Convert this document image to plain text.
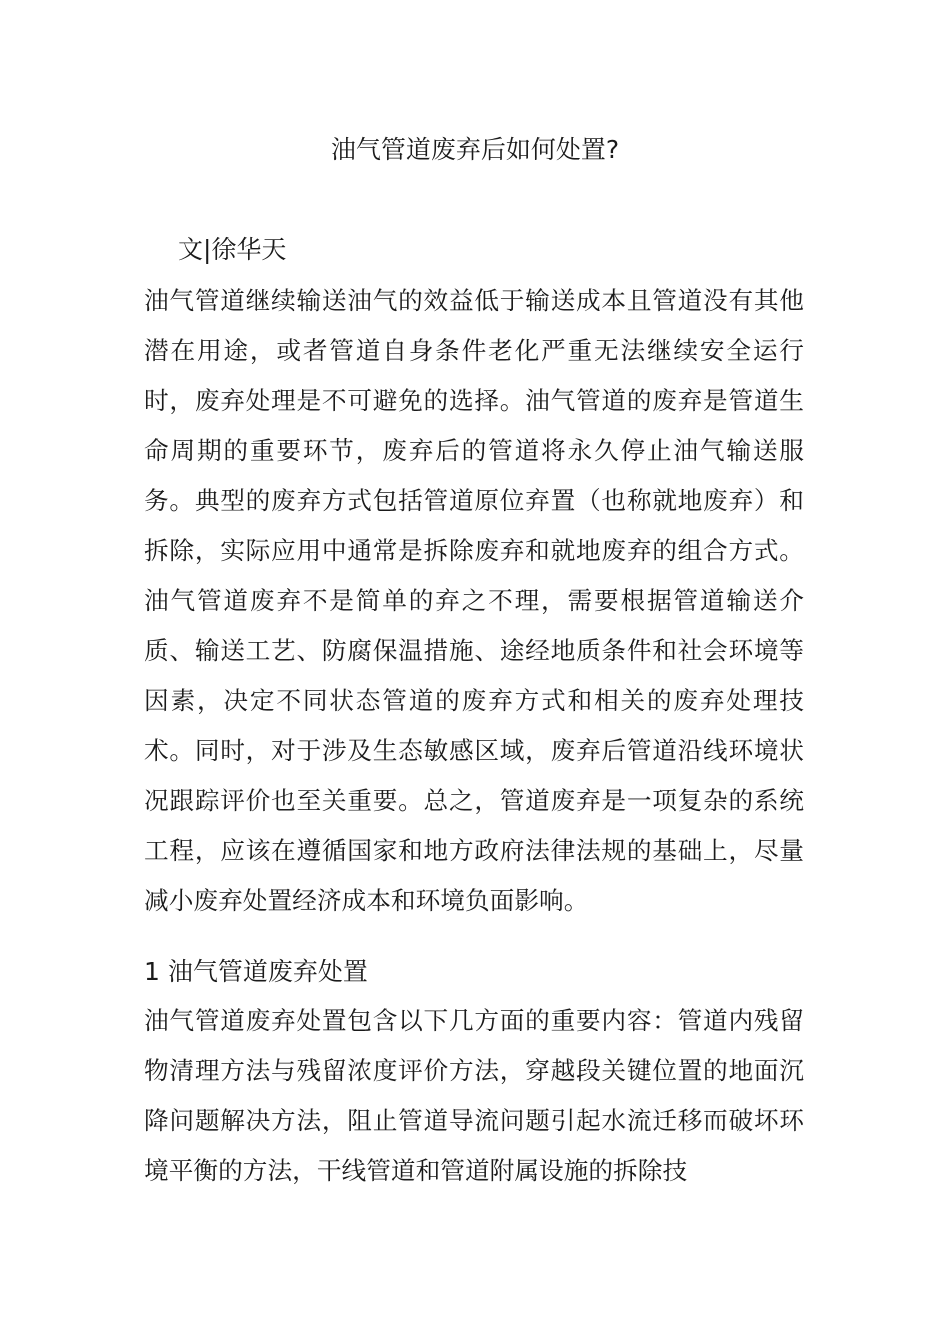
油气管道废弃后如何处置?

文|徐华天

油气管道继续输送油气的效益低于输送成本且管道没有其他潜在用途，或者管道自身条件老化严重无法继续安全运行时，废弃处理是不可避免的选择。油气管道的废弃是管道生命周期的重要环节，废弃后的管道将永久停止油气输送服务。典型的废弃方式包括管道原位弃置（也称就地废弃）和拆除，实际应用中通常是拆除废弃和就地废弃的组合方式。油气管道废弃不是简单的弃之不理，需要根据管道输送介质、输送工艺、防腐保温措施、途经地质条件和社会环境等因素，决定不同状态管道的废弃方式和相关的废弃处理技术。同时，对于涉及生态敏感区域，废弃后管道沿线环境状况跟踪评价也至关重要。总之，管道废弃是一项复杂的系统工程，应该在遵循国家和地方政府法律法规的基础上，尽量减小废弃处置经济成本和环境负面影响。

1 油气管道废弃处置

油气管道废弃处置包含以下几方面的重要内容：管道内残留物清理方法与残留浓度评价方法，穿越段关键位置的地面沉降问题解决方法，阻止管道导流问题引起水流迁移而破坏环境平衡的方法，干线管道和管道附属设施的拆除技
